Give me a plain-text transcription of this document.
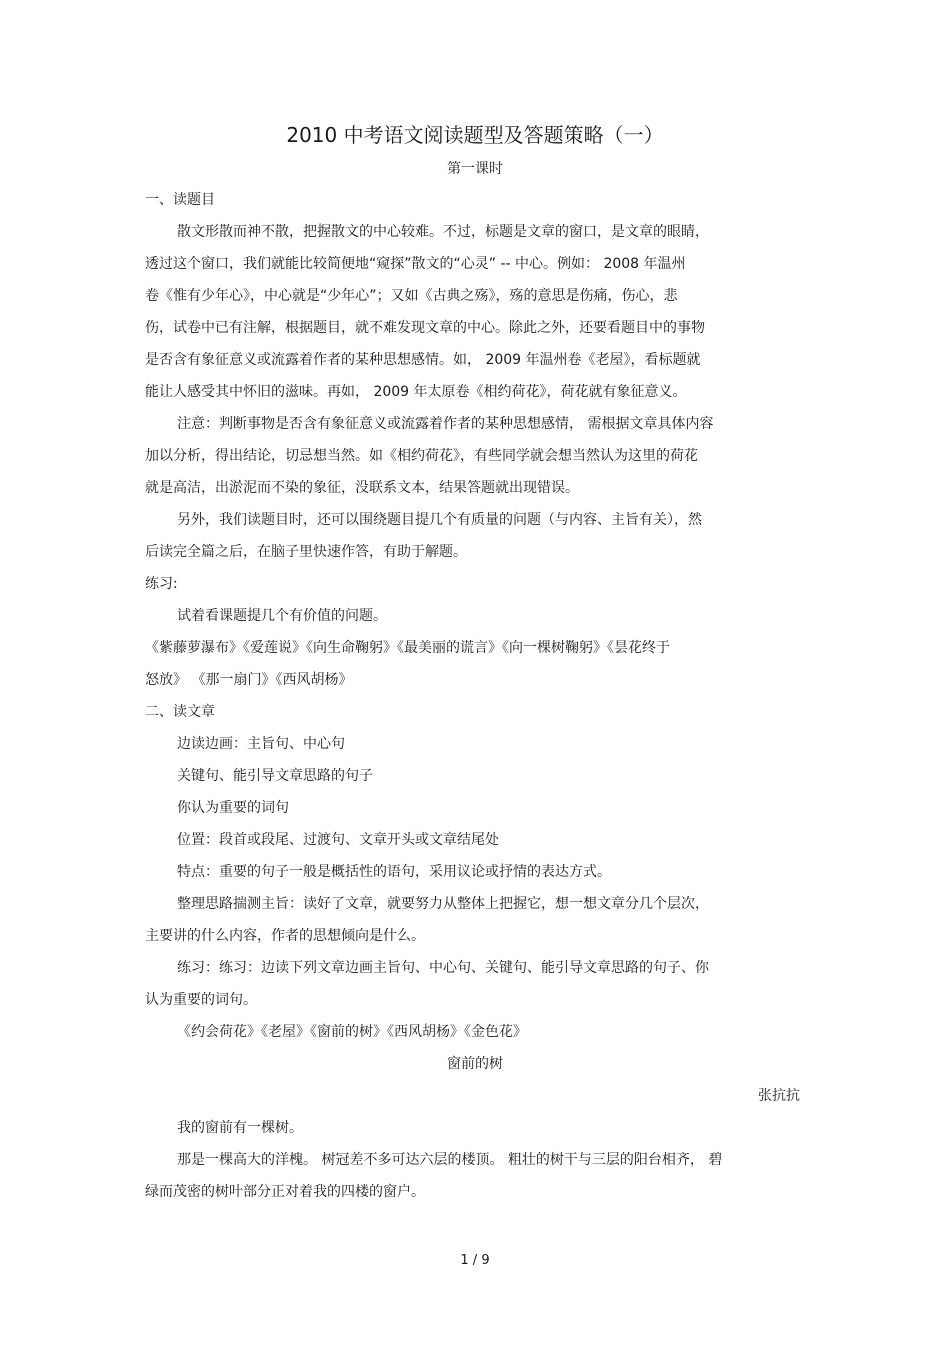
2010 中考语文阅读题型及答题策略（一）
第一课时
一、读题目
散文形散而神不散，把握散文的中心较难。不过，标题是文章的窗口，是文章的眼睛，
透过这个窗口，我们就能比较简便地“窥探”散文的“心灵” -- 中心。例如： 2008 年温州
卷《惟有少年心》，中心就是“少年心”；又如《古典之殇》，殇的意思是伤痛，伤心，悲
伤，试卷中已有注解，根据题目，就不难发现文章的中心。除此之外，还要看题目中的事物
是否含有象征意义或流露着作者的某种思想感情。如， 2009 年温州卷《老屋》，看标题就
能让人感受其中怀旧的滋味。再如， 2009 年太原卷《相约荷花》，荷花就有象征意义。
注意：判断事物是否含有象征意义或流露着作者的某种思想感情， 需根据文章具体内容
加以分析，得出结论，切忌想当然。如《相约荷花》，有些同学就会想当然认为这里的荷花
就是高洁，出淤泥而不染的象征，没联系文本，结果答题就出现错误。
另外，我们读题目时，还可以围绕题目提几个有质量的问题（与内容、主旨有关），然
后读完全篇之后，在脑子里快速作答，有助于解题。
练习:
试着看课题提几个有价值的问题。
《紫藤萝瀑布》《爱莲说》《向生命鞠躬》《最美丽的谎言》《向一棵树鞠躬》《昙花终于
怒放》 《那一扇门》《西风胡杨》
二、读文章
边读边画：主旨句、中心句
关键句、能引导文章思路的句子
你认为重要的词句
位置：段首或段尾、过渡句、文章开头或文章结尾处
特点：重要的句子一般是概括性的语句，采用议论或抒情的表达方式。
整理思路揣测主旨：读好了文章，就要努力从整体上把握它，想一想文章分几个层次，
主要讲的什么内容，作者的思想倾向是什么。
练习：练习：边读下列文章边画主旨句、中心句、关键句、能引导文章思路的句子、你
认为重要的词句。
《约会荷花》《老屋》《窗前的树》《西风胡杨》《金色花》
窗前的树
张抗抗
我的窗前有一棵树。
那是一棵高大的洋槐。 树冠差不多可达六层的楼顶。 粗壮的树干与三层的阳台相齐， 碧
绿而茂密的树叶部分正对着我的四楼的窗户。
1 / 9
